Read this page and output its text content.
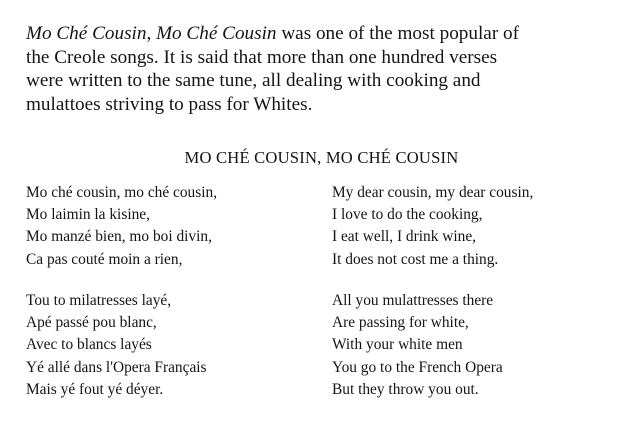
Mo Ché Cousin, Mo Ché Cousin was one of the most popular of
the Creole songs. It is said that more than one hundred verses
were written to the same tune, all dealing with cooking and
mulattoes striving to pass for Whites.
MO CHÉ COUSIN, MO CHÉ COUSIN
Mo ché cousin, mo ché cousin,
Mo laimin la kisine,
Mo manzé bien, mo boi divin,
Ca pas couté moin a rien,
My dear cousin, my dear cousin,
I love to do the cooking,
I eat well, I drink wine,
It does not cost me a thing.
Tou to milatresses layé,
Apé passé pou blanc,
Avec to blancs layés
Yé allé dans l'Opera Français
Mais yé fout yé déyer.
All you mulattresses there
Are passing for white,
With your white men
You go to the French Opera
But they throw you out.
